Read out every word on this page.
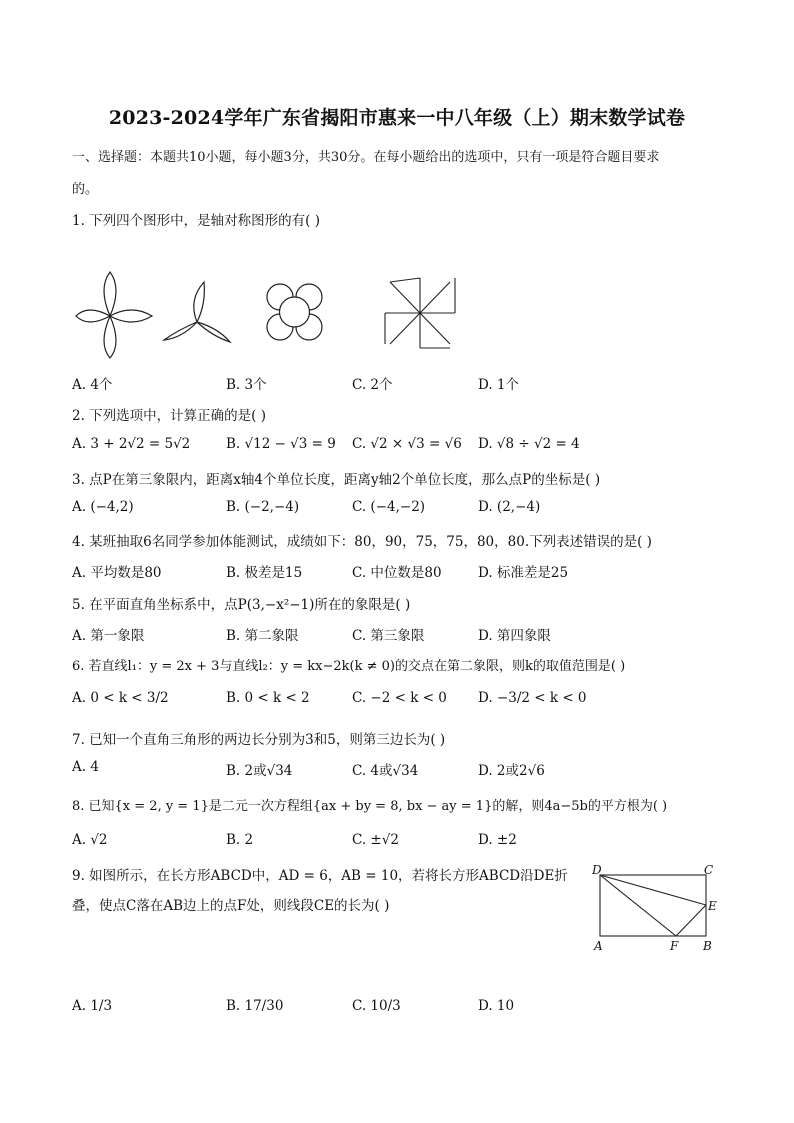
2023-2024学年广东省揭阳市惠来一中八年级（上）期末数学试卷
一、选择题：本题共10小题，每小题3分，共30分。在每小题给出的选项中，只有一项是符合题目要求
的。
1. 下列四个图形中，是轴对称图形的有( )
A. 4个	B. 3个	C. 2个	D. 1个
2. 下列选项中，计算正确的是( )
A. 3 + 2√2 = 5√2	B. √12 − √3 = 9 C. √2 × √3 = √6 D. √8 ÷ √2 = 4
3. 点P在第三象限内，距离x轴4个单位长度，距离y轴2个单位长度，那么点P的坐标是( )
A. (−4,2)	B. (−2,−4)	C. (−4,−2)	D. (2,−4)
4. 某班抽取6名同学参加体能测试，成绩如下：80，90，75，75，80，80.下列表述错误的是( )
A. 平均数是80	B. 极差是15	C. 中位数是80	D. 标准差是25
5. 在平面直角坐标系中，点P(3,−x²−1)所在的象限是( )
A. 第一象限	B. 第二象限	C. 第三象限	D. 第四象限
6. 若直线l₁：y = 2x + 3与直线l₂：y = kx−2k(k ≠ 0)的交点在第二象限，则k的取值范围是( )
A. 0 < k < 3/2	B. 0 < k < 2	C. −2 < k < 0 D. −3/2 < k < 0
7. 已知一个直角三角形的两边长分别为3和5，则第三边长为( )
A. 4	B. 2或√34	C. 4或√34	D. 2或2√6
8. 已知{x = 2, y = 1}是二元一次方程组{ax + by = 8, bx − ay = 1}的解，则4a−5b的平方根为( )
A. √2	B. 2	C. ±√2	D. ±2
9. 如图所示，在长方形ABCD中，AD = 6，AB = 10，若将长方形ABCD沿DE折
叠，使点C落在AB边上的点F处，则线段CE的长为( )
D	C
E
A	F B
A. 1/3	B. 17/30	C. 10/3	D. 10
